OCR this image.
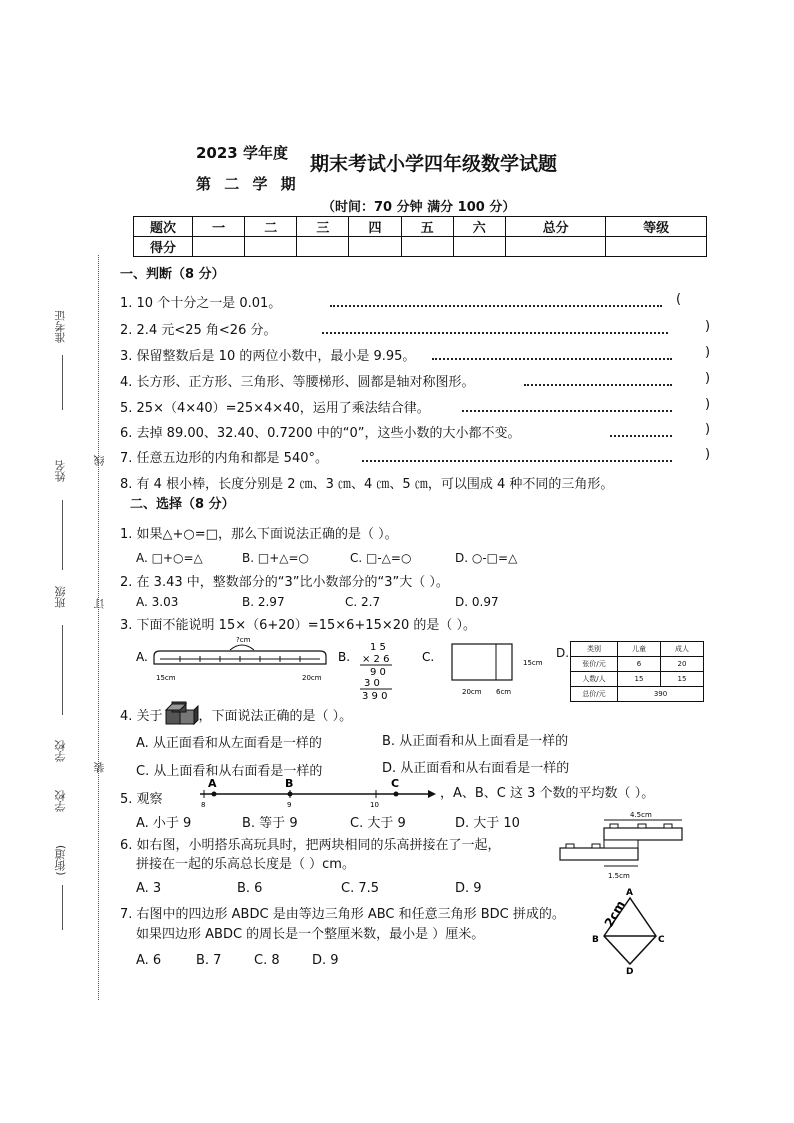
2023 学年度
第 二 学 期
期末考试小学四年级数学试题
（时间：70 分钟 满分 100 分）
题次	一	二	三	四	五	六	总分	等级
得分								
线
订
装
准考证
姓名
班级
学校
学校
(街道)
一、判断（8 分）
1. 10 个十分之一是 0.01。	(
2. 2.4 元<25 角<26 分。	)
3. 保留整数后是 10 的两位小数中，最小是 9.95。	)
4. 长方形、正方形、三角形、等腰梯形、圆都是轴对称图形。	)
5. 25×（4×40）=25×4×40，运用了乘法结合律。	)
6. 去掉 89.00、32.40、0.7200 中的“0”，这些小数的大小都不变。	)
7. 任意五边形的内角和都是 540°。	)
8. 有 4 根小棒，长度分别是 2 ㎝、3 ㎝、4 ㎝、5 ㎝，可以围成 4 种不同的三角形。
二、选择（8 分）
1. 如果△+○=□，那么下面说法正确的是（ ）。
A. □+○=△	B. □+△=○	C. □-△=○	D. ○-□=△
2. 在 3.43 中，整数部分的“3”比小数部分的“3”大（ ）。
A. 3.03	B. 2.97	C. 2.7	D. 0.97
3. 下面不能说明 15×（6+20）=15×6+15×20 的是（ ）。
A.
?cm
15cm	20cm
B.
1 5
× 2 6
9 0
3 0
3 9 0
C.
20cm 6cm
15cm
D.	类别	儿童	成人
张价/元	6	20
人数/人	15	15
总价/元	390	
4. 关于	，下面说法正确的是（ ）。
A. 从正面看和从左面看是一样的	B. 从正面看和从上面看是一样的
C. 从上面看和从右面看是一样的	D. 从正面看和从右面看是一样的
5. 观察
A	B	C
8	9	10
，A、B、C 这 3 个数的平均数（ ）。
A. 小于 9	B. 等于 9	C. 大于 9	D. 大于 10
6. 如右图，小明搭乐高玩具时，把两块相同的乐高拼接在了一起，
拼接在一起的乐高总长度是（ ）cm。
A. 3	B. 6	C. 7.5	D. 9
4.5cm
1.5cm
7. 右图中的四边形 ABDC 是由等边三角形 ABC 和任意三角形 BDC 拼成的。
如果四边形 ABDC 的周长是一个整厘米数，最小是 ）厘米。
A. 6	B. 7	C. 8 D. 9
A
B	C
D
2cm
